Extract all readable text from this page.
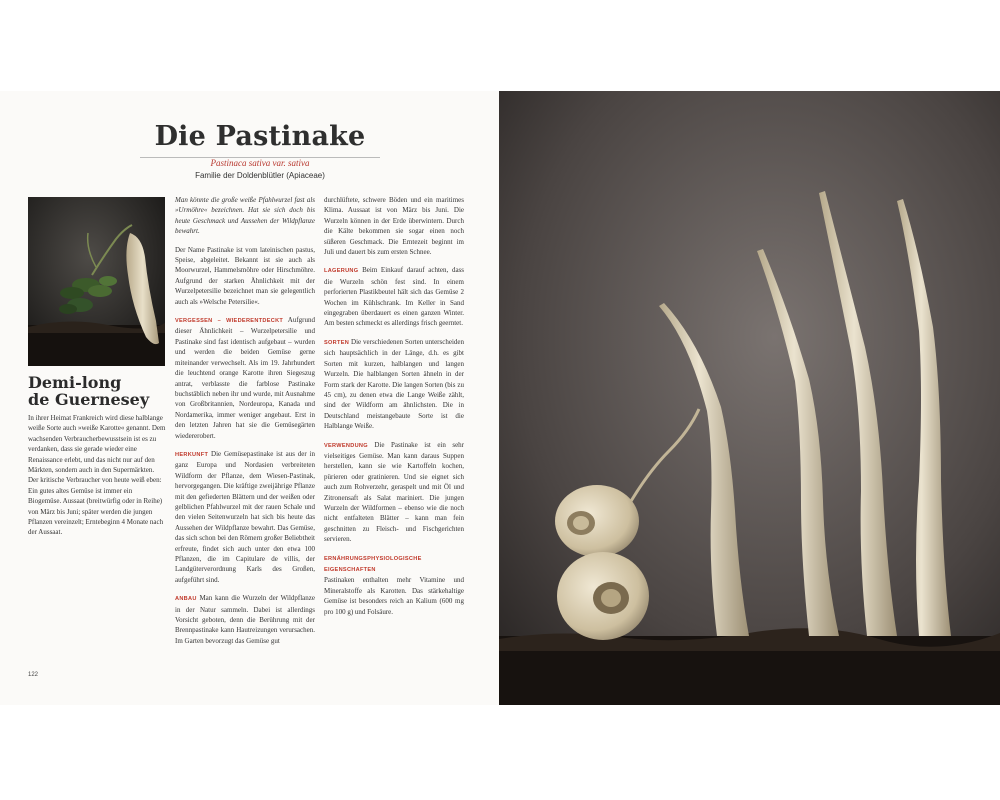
Die Pastinake
Pastinaca sativa var. sativa
Familie der Doldenblütler (Apiaceae)
Demi-long
de Guernesey
In ihrer Heimat Frankreich wird diese halblange weiße Sorte auch »weiße Karotte« genannt. Dem wachsenden Verbraucherbewusstsein ist es zu verdanken, dass sie gerade wieder eine Renaissance erlebt, und das nicht nur auf den Märkten, sondern auch in den Supermärkten. Der kritische Verbraucher von heute weiß eben: Ein gutes altes Gemüse ist immer ein Biogemüse. Aussaat (breitwürfig oder in Reihe) von März bis Juni; später werden die jungen Pflanzen vereinzelt; Erntebeginn 4 Monate nach der Aussaat.

Man könnte die große weiße Pfahlwurzel fast als »Urmöhre« bezeichnen. Hat sie sich doch bis heute Geschmack und Aussehen der Wildpflanze bewahrt.

Der Name Pastinake ist vom lateinischen pastus, Speise, abgeleitet. Bekannt ist sie auch als Moorwurzel, Hammelsmöhre oder Hirschmöhre. Aufgrund der starken Ähnlichkeit mit der Wurzelpetersilie bezeichnet man sie gelegentlich auch als »Welsche Petersilie«.

VERGESSEN – WIEDERENTDECKT Aufgrund dieser Ähnlichkeit – Wurzelpetersilie und Pastinake sind fast identisch aufgebaut – wurden und werden die beiden Gemüse gerne miteinander verwechselt. Als im 19. Jahrhundert die leuchtend orange Karotte ihren Siegeszug antrat, verblasste die farblose Pastinake buchstäblich neben ihr und wurde, mit Ausnahme von Großbritannien, Nordeuropa, Kanada und Nordamerika, immer weniger angebaut. Erst in den letzten Jahren hat sie die Gemüsegärten wiedererobert.

HERKUNFT Die Gemüsepastinake ist aus der in ganz Europa und Nordasien verbreiteten Wildform der Pflanze, dem Wiesen-Pastinak, hervorgegangen. Die kräftige zweijährige Pflanze mit den gefiederten Blättern und der weißen oder gelblichen Pfahlwurzel mit der rauen Schale und den vielen Seitenwurzeln hat sich bis heute das Aussehen der Wildpflanze bewahrt. Das Gemüse, das sich schon bei den Römern großer Beliebtheit erfreute, findet sich auch unter den etwa 100 Pflanzen, die im Capitulare de villis, der Landgüterverordnung Karls des Großen, aufgeführt sind.

ANBAU Man kann die Wurzeln der Wildpflanze in der Natur sammeln. Dabei ist allerdings Vorsicht geboten, denn die Berührung mit der Brennpastinake kann Hautreizungen verursachen. Im Garten bevorzugt das Gemüse gut

durchlüftete, schwere Böden und ein maritimes Klima. Aussaat ist von März bis Juni. Die Wurzeln können in der Erde überwintern. Durch die Kälte bekommen sie sogar einen noch süßeren Geschmack. Die Erntezeit beginnt im Juli und dauert bis zum ersten Schnee.

LAGERUNG Beim Einkauf darauf achten, dass die Wurzeln schön fest sind. In einem perforierten Plastikbeutel hält sich das Gemüse 2 Wochen im Kühlschrank. Im Keller in Sand eingegraben überdauert es einen ganzen Winter. Am besten schmeckt es allerdings frisch geerntet.

SORTEN Die verschiedenen Sorten unterscheiden sich hauptsächlich in der Länge, d.h. es gibt Sorten mit kurzen, halblangen und langen Wurzeln. Die halblangen Sorten ähneln in der Form stark der Karotte. Die langen Sorten (bis zu 45 cm), zu denen etwa die Lange Weiße zählt, sind der Wildform am ähnlichsten. Die in Deutschland meistangebaute Sorte ist die Halblange Weiße.

VERWENDUNG Die Pastinake ist ein sehr vielseitiges Gemüse. Man kann daraus Suppen herstellen, kann sie wie Kartoffeln kochen, pürieren oder gratinieren. Und sie eignet sich auch zum Rohverzehr, geraspelt und mit Öl und Zitronensaft als Salat mariniert. Die jungen Wurzeln der Wildformen – ebenso wie die noch nicht entfalteten Blätter – kann man fein geschnitten zu Fleisch- und Fischgerichten servieren.

ERNÄHRUNGSPHYSIOLOGISCHE EIGENSCHAFTEN
Pastinaken enthalten mehr Vitamine und Mineralstoffe als Karotten. Das stärkehaltige Gemüse ist besonders reich an Kalium (600 mg pro 100 g) und Folsäure.

122
